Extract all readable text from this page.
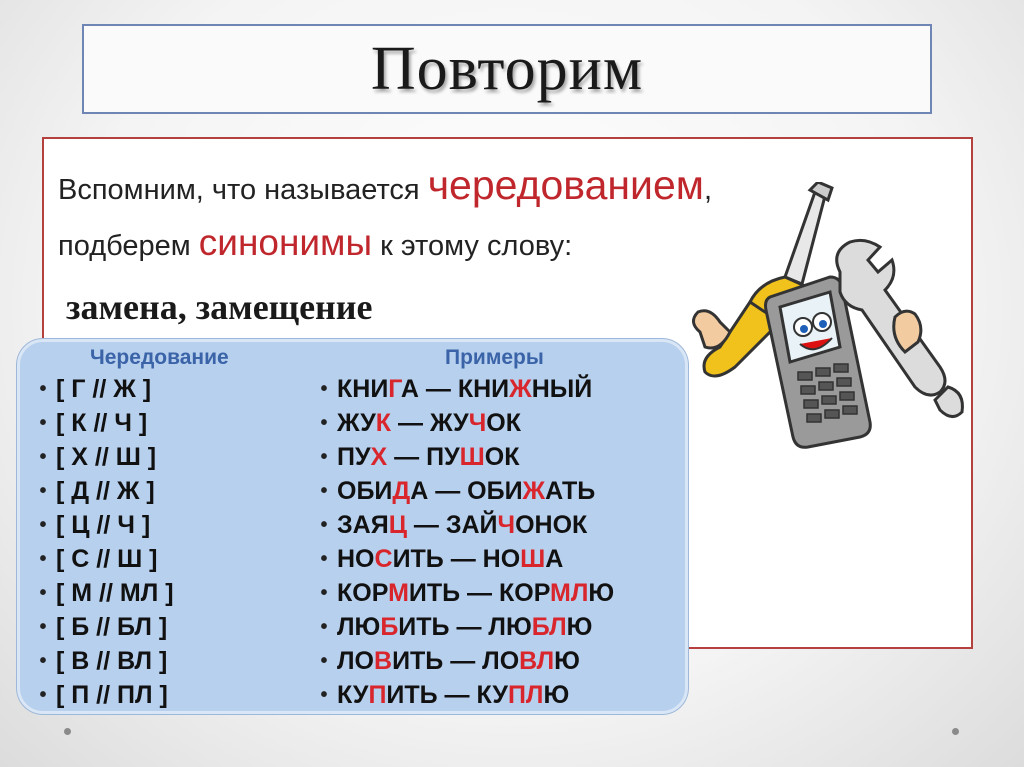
Повторим
Вспомним, что называется чередованием,
подберем синонимы к этому слову:
замена, замещение
Чередование	Примеры
• [ Г // Ж ]
• [ К // Ч ]
• [ Х // Ш ]
• [ Д // Ж ]
• [ Ц // Ч ]
• [ С // Ш ]
• [ М // МЛ ]
• [ Б // БЛ ]
• [ В // ВЛ ]
• [ П // ПЛ ]
• КНИГА — КНИЖНЫЙ
• ЖУК — ЖУЧОК
• ПУХ — ПУШОК
• ОБИДА — ОБИЖАТЬ
• ЗАЯЦ — ЗАЙЧОНОК
• НОСИТЬ — НОША
• КОРМИТЬ — КОРМЛЮ
• ЛЮБИТЬ — ЛЮБЛЮ
• ЛОВИТЬ — ЛОВЛЮ
• КУПИТЬ — КУПЛЮ
